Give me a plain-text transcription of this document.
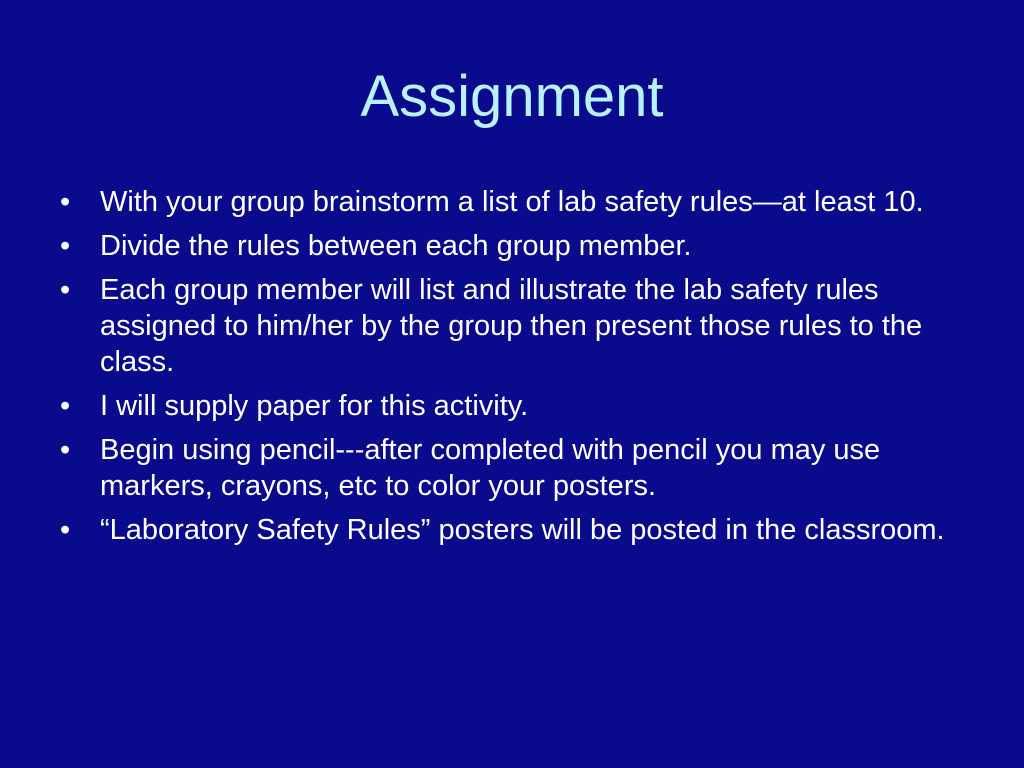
Assignment
•	With your group brainstorm a list of lab safety rules—at least 10.
•	Divide the rules between each group member.
•	Each group member will list and illustrate the lab safety rules assigned to him/her by the group then present those rules to the class.
•	I will supply paper for this activity.
•	Begin using pencil---after completed with pencil you may use markers, crayons, etc to color your posters.
•	“Laboratory Safety Rules” posters will be posted in the classroom.
